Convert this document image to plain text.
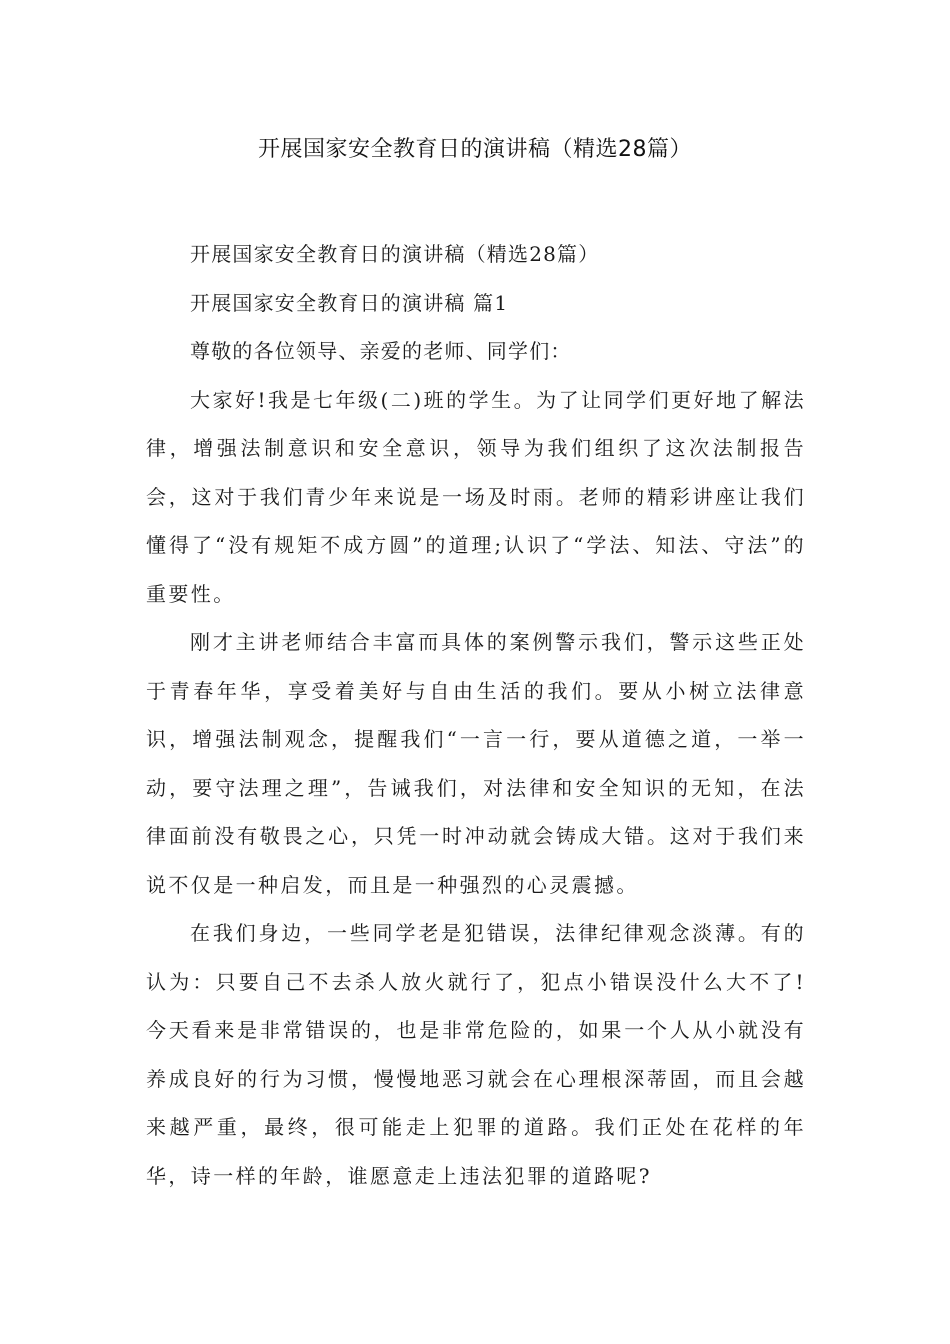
开展国家安全教育日的演讲稿（精选28篇）

开展国家安全教育日的演讲稿（精选28篇）

开展国家安全教育日的演讲稿 篇1

尊敬的各位领导、亲爱的老师、同学们：

大家好!我是七年级(二)班的学生。为了让同学们更好地了解法律，增强法制意识和安全意识，领导为我们组织了这次法制报告会，这对于我们青少年来说是一场及时雨。老师的精彩讲座让我们懂得了“没有规矩不成方圆”的道理;认识了“学法、知法、守法”的重要性。

刚才主讲老师结合丰富而具体的案例警示我们，警示这些正处于青春年华，享受着美好与自由生活的我们。要从小树立法律意识，增强法制观念，提醒我们“一言一行，要从道德之道，一举一动，要守法理之理”，告诫我们，对法律和安全知识的无知，在法律面前没有敬畏之心，只凭一时冲动就会铸成大错。这对于我们来说不仅是一种启发，而且是一种强烈的心灵震撼。

在我们身边，一些同学老是犯错误，法律纪律观念淡薄。有的认为：只要自己不去杀人放火就行了，犯点小错误没什么大不了!今天看来是非常错误的，也是非常危险的，如果一个人从小就没有养成良好的行为习惯，慢慢地恶习就会在心理根深蒂固，而且会越来越严重，最终，很可能走上犯罪的道路。我们正处在花样的年华，诗一样的年龄，谁愿意走上违法犯罪的道路呢?
